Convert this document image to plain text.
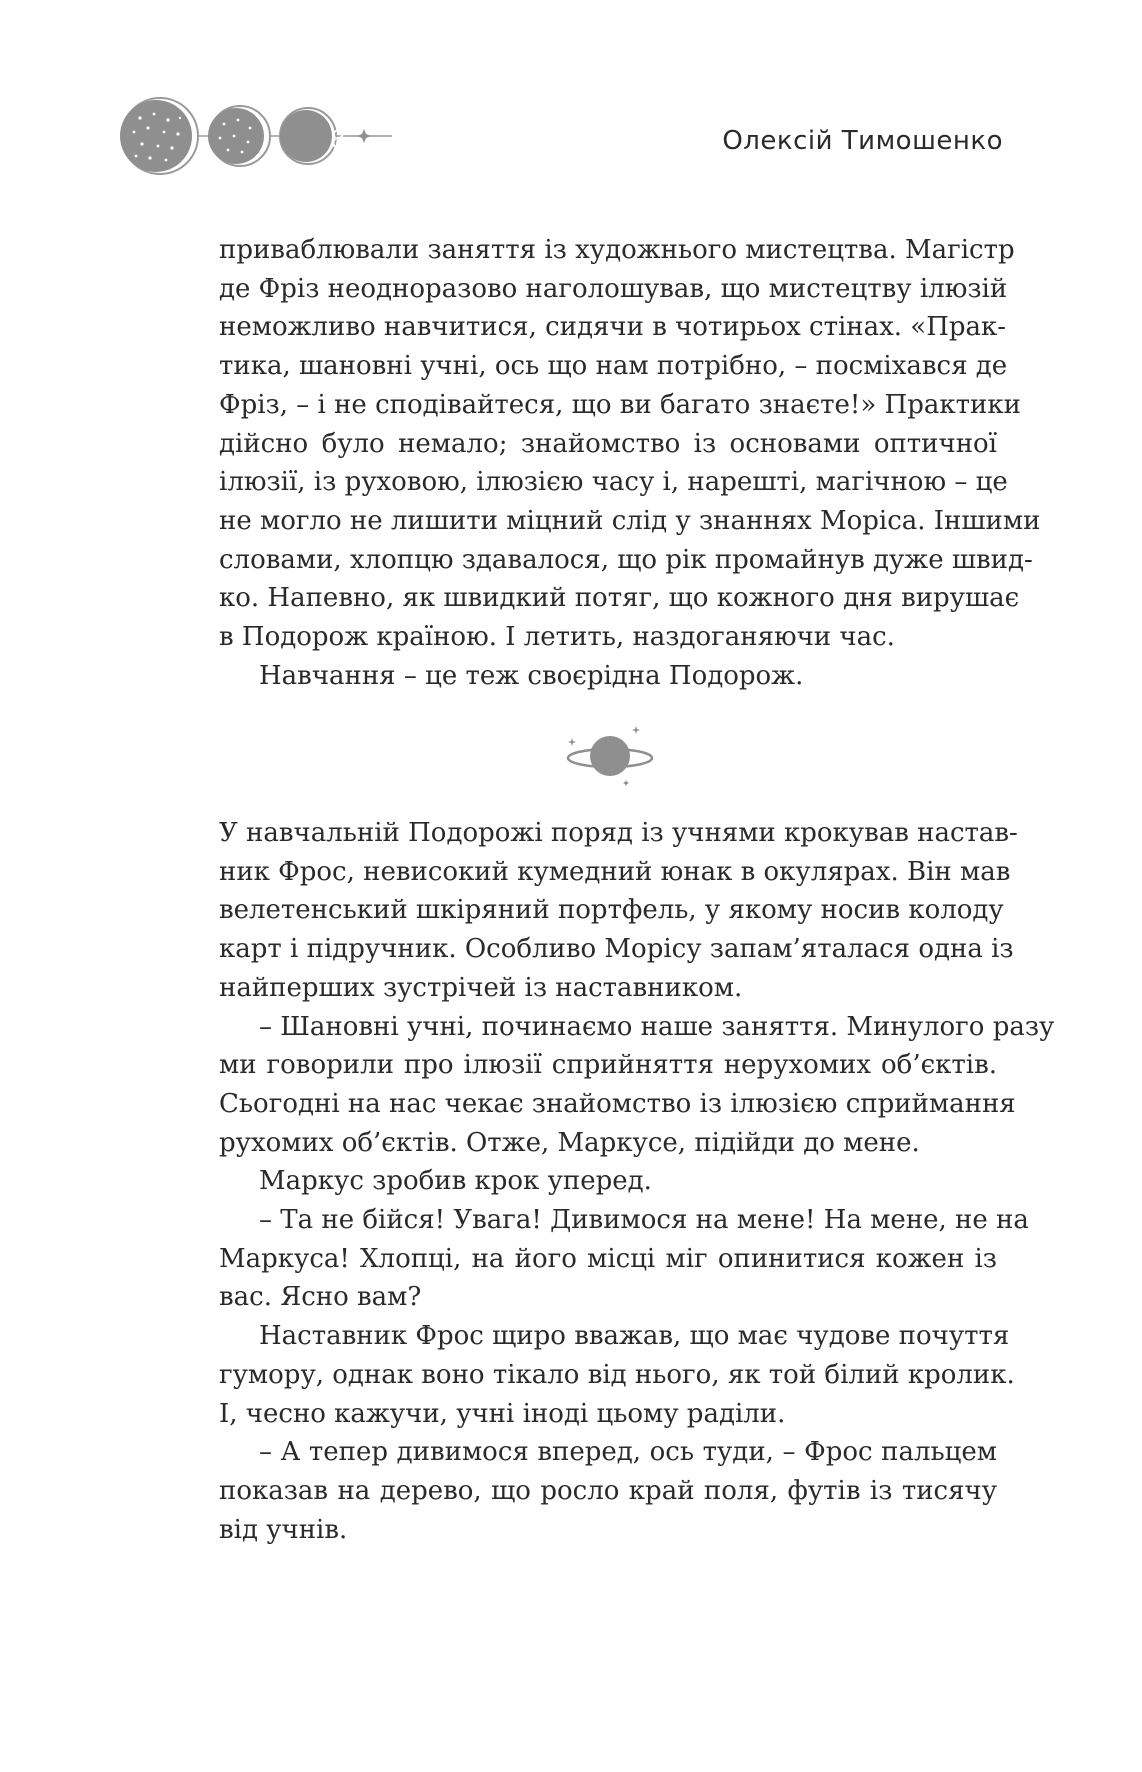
8	Олексій Тимошенко

приваблювали заняття із художнього мистецтва. Магістр
де Фріз неодноразово наголошував, що мистецтву ілюзій
неможливо навчитися, сидячи в чотирьох стінах. «Прак-
тика, шановні учні, ось що нам потрібно, – посміхався де
Фріз, – і не сподівайтеся, що ви багато знаєте!» Практики
дійсно було немало; знайомство із основами оптичної
ілюзії, із руховою, ілюзією часу і, нарешті, магічною – це
не могло не лишити міцний слід у знаннях Моріса. Іншими
словами, хлопцю здавалося, що рік промайнув дуже швид-
ко. Напевно, як швидкий потяг, що кожного дня вирушає
в Подорож країною. І летить, наздоганяючи час.

Навчання – це теж своєрідна Подорож.

У навчальній Подорожі поряд із учнями крокував настав-
ник Фрос, невисокий кумедний юнак в окулярах. Він мав
велетенський шкіряний портфель, у якому носив колоду
карт і підручник. Особливо Морісу запам’яталася одна із
найперших зустрічей із наставником.

– Шановні учні, починаємо наше заняття. Минулого разу
ми говорили про ілюзії сприйняття нерухомих об’єктів.
Сьогодні на нас чекає знайомство із ілюзією сприймання
рухомих об’єктів. Отже, Маркусе, підійди до мене.

Маркус зробив крок уперед.

– Та не бійся! Увага! Дивимося на мене! На мене, не на
Маркуса! Хлопці, на його місці міг опинитися кожен із
вас. Ясно вам?

Наставник Фрос щиро вважав, що має чудове почуття
гумору, однак воно тікало від нього, як той білий кролик.
І, чесно кажучи, учні іноді цьому раділи.

– А тепер дивимося вперед, ось туди, – Фрос пальцем
показав на дерево, що росло край поля, футів із тисячу
від учнів.
